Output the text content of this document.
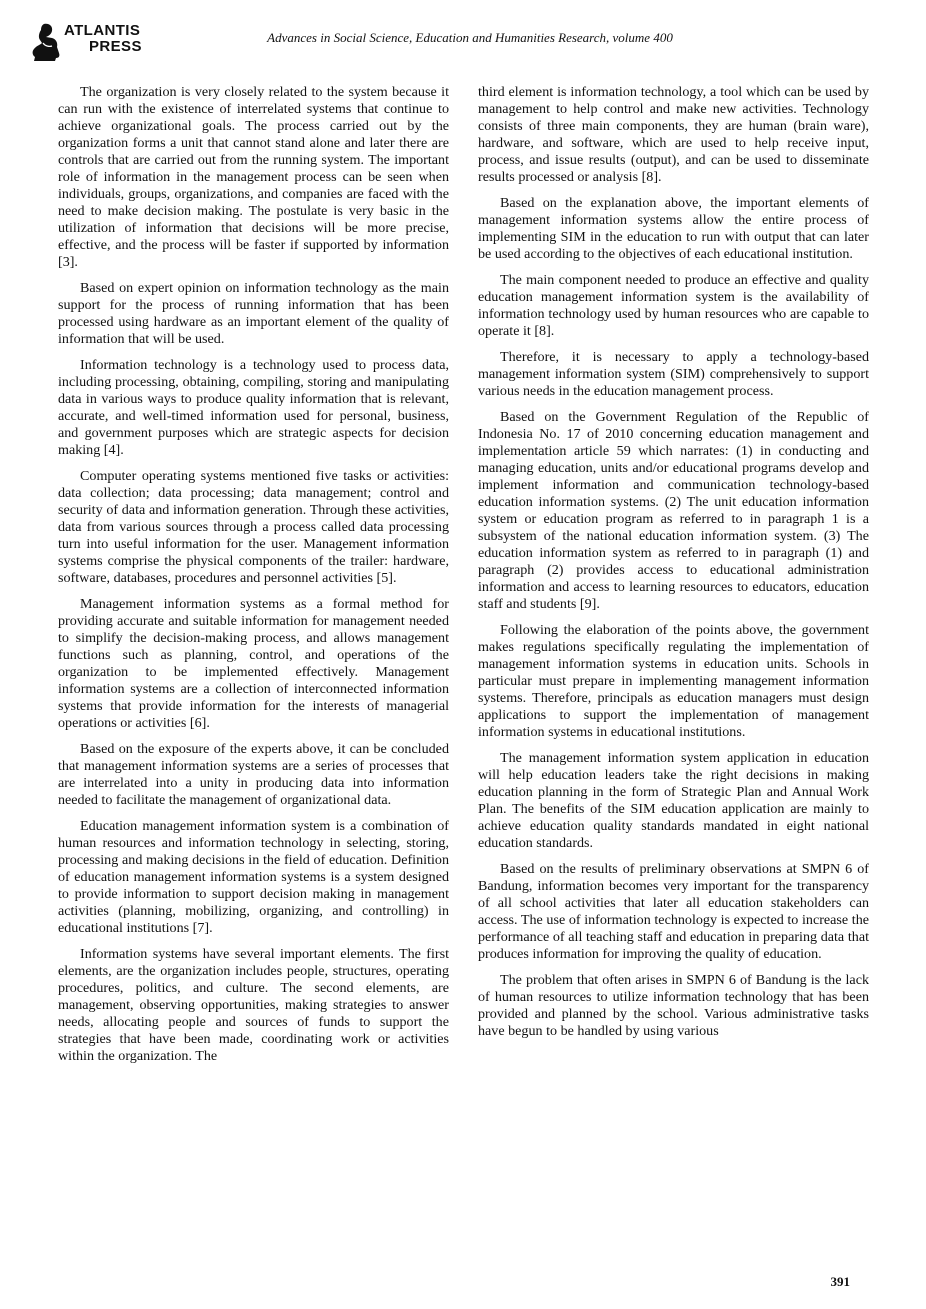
ATLANTIS
PRESS
Advances in Social Science, Education and Humanities Research, volume 400

The organization is very closely related to the system because it can run with the existence of interrelated systems that continue to achieve organizational goals. The process carried out by the organization forms a unit that cannot stand alone and later there are controls that are carried out from the running system. The important role of information in the management process can be seen when individuals, groups, organizations, and companies are faced with the need to make decision making. The postulate is very basic in the utilization of information that decisions will be more precise, effective, and the process will be faster if supported by information [3].

Based on expert opinion on information technology as the main support for the process of running information that has been processed using hardware as an important element of the quality of information that will be used.

Information technology is a technology used to process data, including processing, obtaining, compiling, storing and manipulating data in various ways to produce quality information that is relevant, accurate, and well-timed information used for personal, business, and government purposes which are strategic aspects for decision making [4].

Computer operating systems mentioned five tasks or activities: data collection; data processing; data management; control and security of data and information generation. Through these activities, data from various sources through a process called data processing turn into useful information for the user. Management information systems comprise the physical components of the trailer: hardware, software, databases, procedures and personnel activities [5].

Management information systems as a formal method for providing accurate and suitable information for management needed to simplify the decision-making process, and allows management functions such as planning, control, and operations of the organization to be implemented effectively. Management information systems are a collection of interconnected information systems that provide information for the interests of managerial operations or activities [6].

Based on the exposure of the experts above, it can be concluded that management information systems are a series of processes that are interrelated into a unity in producing data into information needed to facilitate the management of organizational data.

Education management information system is a combination of human resources and information technology in selecting, storing, processing and making decisions in the field of education. Definition of education management information systems is a system designed to provide information to support decision making in management activities (planning, mobilizing, organizing, and controlling) in educational institutions [7].

Information systems have several important elements. The first elements, are the organization includes people, structures, operating procedures, politics, and culture. The second elements, are management, observing opportunities, making strategies to answer needs, allocating people and sources of funds to support the strategies that have been made, coordinating work or activities within the organization. The

third element is information technology, a tool which can be used by management to help control and make new activities. Technology consists of three main components, they are human (brain ware), hardware, and software, which are used to help receive input, process, and issue results (output), and can be used to disseminate results processed or analysis [8].

Based on the explanation above, the important elements of management information systems allow the entire process of implementing SIM in the education to run with output that can later be used according to the objectives of each educational institution.

The main component needed to produce an effective and quality education management information system is the availability of information technology used by human resources who are capable to operate it [8].

Therefore, it is necessary to apply a technology-based management information system (SIM) comprehensively to support various needs in the education management process.

Based on the Government Regulation of the Republic of Indonesia No. 17 of 2010 concerning education management and implementation article 59 which narrates: (1) in conducting and managing education, units and/or educational programs develop and implement information and communication technology-based education information systems. (2) The unit education information system or education program as referred to in paragraph 1 is a subsystem of the national education information system. (3) The education information system as referred to in paragraph (1) and paragraph (2) provides access to educational administration information and access to learning resources to educators, education staff and students [9].

Following the elaboration of the points above, the government makes regulations specifically regulating the implementation of management information systems in education units. Schools in particular must prepare in implementing management information systems. Therefore, principals as education managers must design applications to support the implementation of management information systems in educational institutions.

The management information system application in education will help education leaders take the right decisions in making education planning in the form of Strategic Plan and Annual Work Plan. The benefits of the SIM education application are mainly to achieve education quality standards mandated in eight national education standards.

Based on the results of preliminary observations at SMPN 6 of Bandung, information becomes very important for the transparency of all school activities that later all education stakeholders can access. The use of information technology is expected to increase the performance of all teaching staff and education in preparing data that produces information for improving the quality of education.

The problem that often arises in SMPN 6 of Bandung is the lack of human resources to utilize information technology that has been provided and planned by the school. Various administrative tasks have begun to be handled by using various

391
